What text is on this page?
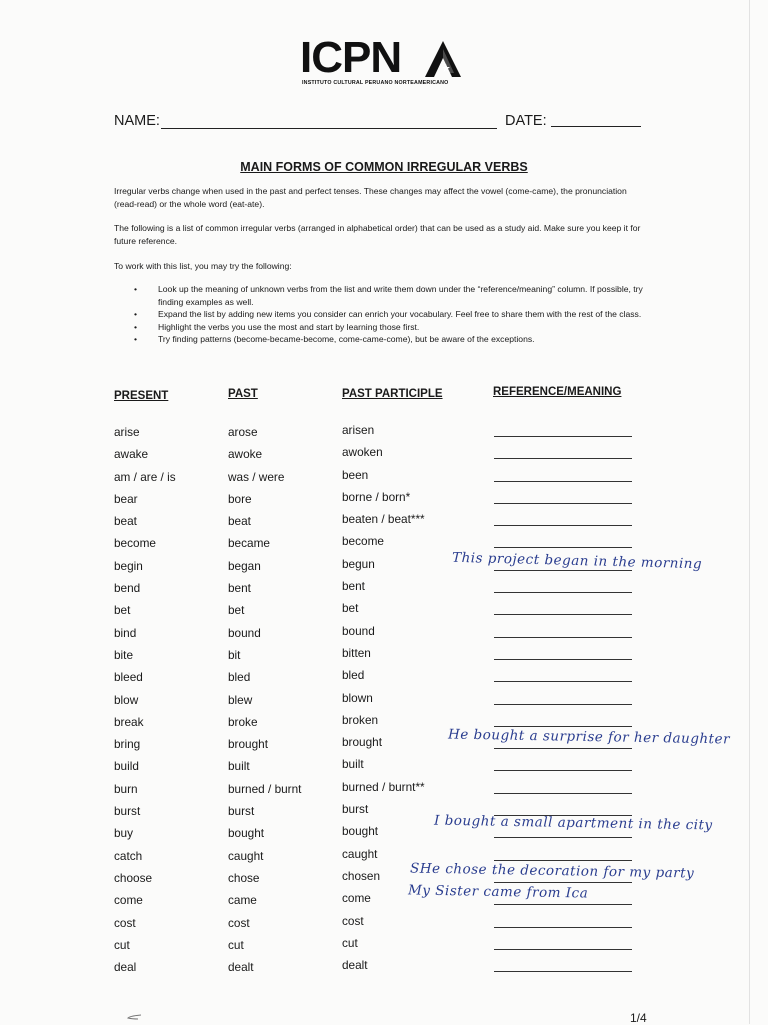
ICPN
INSTITUTO CULTURAL PERUANO NORTEAMERICANO
NAME:	DATE:
MAIN FORMS OF COMMON IRREGULAR VERBS
Irregular verbs change when used in the past and perfect tenses. These changes may affect the vowel (come-came), the pronunciation (read-read) or the whole word (eat-ate).
The following is a list of common irregular verbs (arranged in alphabetical order) that can be used as a study aid. Make sure you keep it for future reference.
To work with this list, you may try the following:
• Look up the meaning of unknown verbs from the list and write them down under the “reference/meaning” column. If possible, try finding examples as well.
• Expand the list by adding new items you consider can enrich your vocabulary. Feel free to share them with the rest of the class.
• Highlight the verbs you use the most and start by learning those first.
• Try finding patterns (become-became-become, come-came-come), but be aware of the exceptions.
PRESENT	PAST	PAST PARTICIPLE	REFERENCE/MEANING
arise	arose	arisen
awake	awoke	awoken
am / are / is	was / were	been
bear	bore	borne / born*
beat	beat	beaten / beat***
become	became	become
begin	began	begun
bend	bent	bent
bet	bet	bet
bind	bound	bound
bite	bit	bitten
bleed	bled	bled
blow	blew	blown
break	broke	broken
bring	brought	brought
build	built	built
burn	burned / burnt	burned / burnt**
burst	burst	burst
buy	bought	bought
catch	caught	caught
choose	chose	chosen
come	came	come
cost	cost	cost
cut	cut	cut
deal	dealt	dealt
This project began in the morning
He bought a surprise for her daughter
I bought a small apartment in the city
SHe chose the decoration for my party
My Sister came from Ica
1/4
